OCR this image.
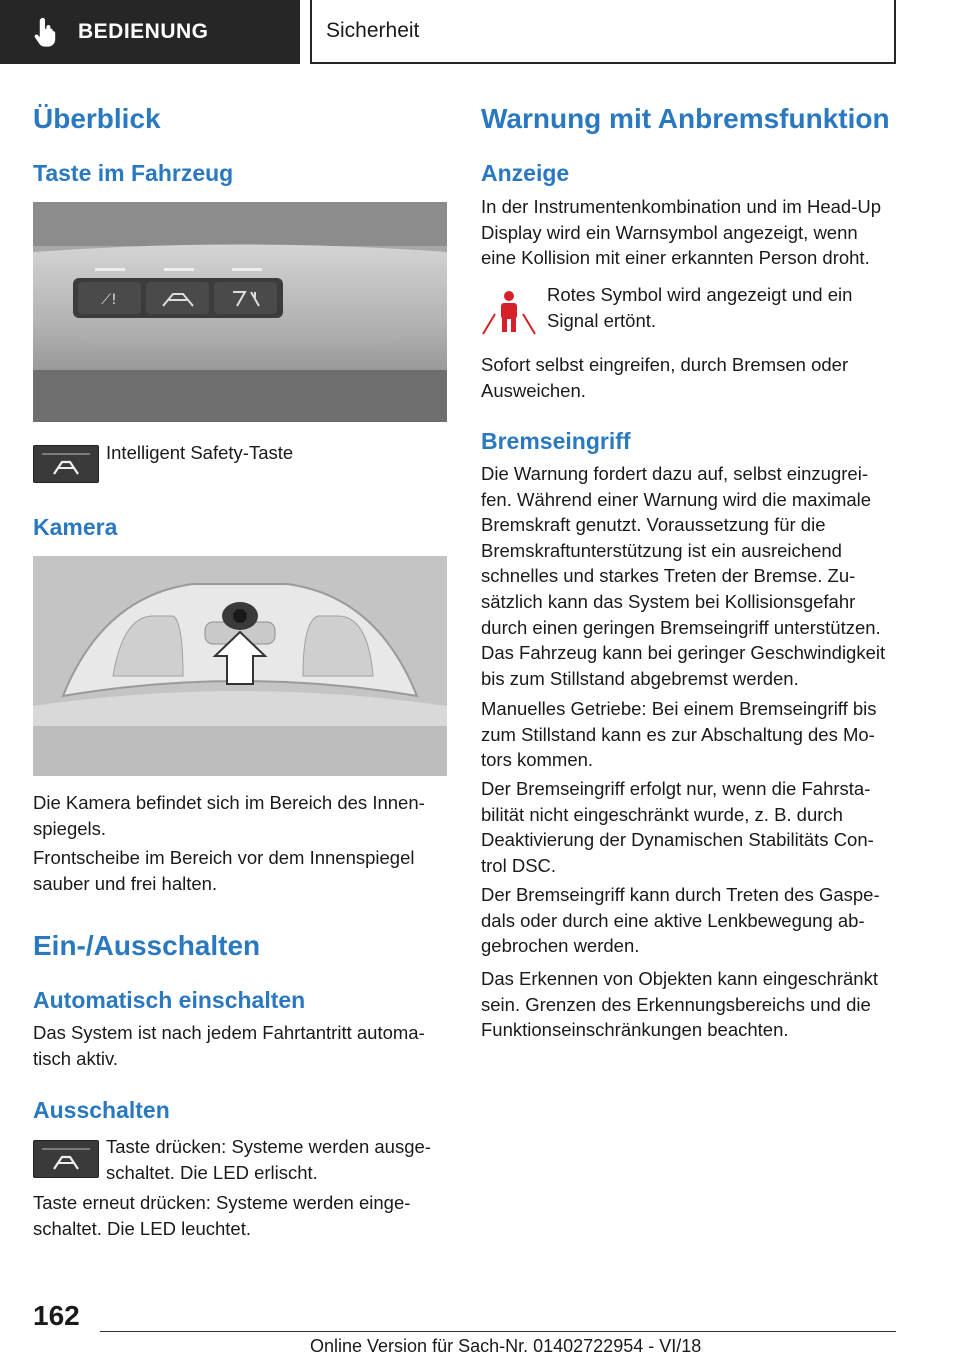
BEDIENUNG	Sicherheit
Überblick
Taste im Fahrzeug
⟋!
Intelligent Safety-Taste
Kamera
Die Kamera befindet sich im Bereich des Innen-
spiegels.
Frontscheibe im Bereich vor dem Innenspiegel
sauber und frei halten.
Ein-/Ausschalten
Automatisch einschalten
Das System ist nach jedem Fahrtantritt automa-
tisch aktiv.
Ausschalten
Taste drücken: Systeme werden ausge-
schaltet. Die LED erlischt.
Taste erneut drücken: Systeme werden einge-
schaltet. Die LED leuchtet.
Warnung mit Anbremsfunktion
Anzeige
In der Instrumentenkombination und im Head-Up
Display wird ein Warnsymbol angezeigt, wenn
eine Kollision mit einer erkannten Person droht.
Rotes Symbol wird angezeigt und ein
Signal ertönt.
Sofort selbst eingreifen, durch Bremsen oder
Ausweichen.
Bremseingriff
Die Warnung fordert dazu auf, selbst einzugrei-
fen. Während einer Warnung wird die maximale
Bremskraft genutzt. Voraussetzung für die
Bremskraftunterstützung ist ein ausreichend
schnelles und starkes Treten der Bremse. Zu-
sätzlich kann das System bei Kollisionsgefahr
durch einen geringen Bremseingriff unterstützen.
Das Fahrzeug kann bei geringer Geschwindigkeit
bis zum Stillstand abgebremst werden.
Manuelles Getriebe: Bei einem Bremseingriff bis
zum Stillstand kann es zur Abschaltung des Mo-
tors kommen.
Der Bremseingriff erfolgt nur, wenn die Fahrsta-
bilität nicht eingeschränkt wurde, z. B. durch
Deaktivierung der Dynamischen Stabilitäts Con-
trol DSC.
Der Bremseingriff kann durch Treten des Gaspe-
dals oder durch eine aktive Lenkbewegung ab-
gebrochen werden.
Das Erkennen von Objekten kann eingeschränkt
sein. Grenzen des Erkennungsbereichs und die
Funktionseinschränkungen beachten.
162
Online Version für Sach-Nr. 01402722954 - VI/18
